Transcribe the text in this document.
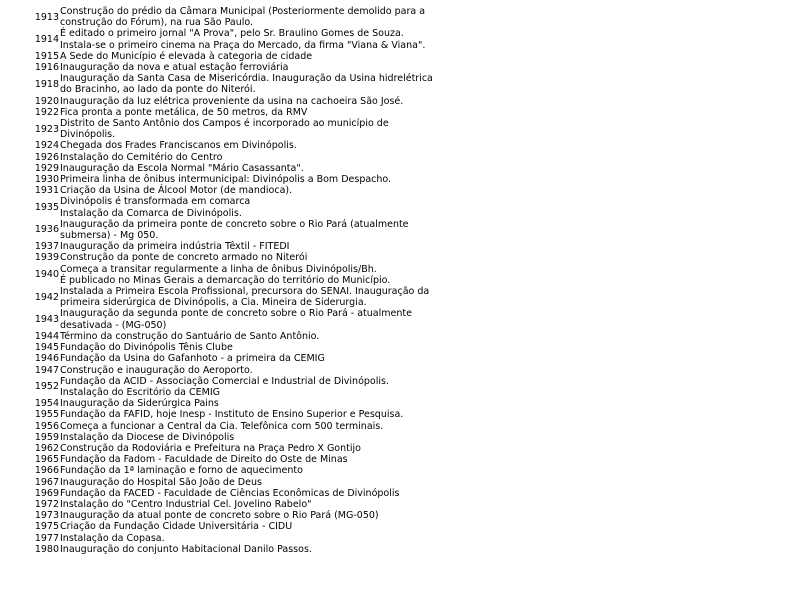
1913	Construção do prédio da Câmara Municipal (Posteriormente demolido para a
construção do Fórum), na rua São Paulo.

1914	É editado o primeiro jornal "A Prova", pelo Sr. Braulino Gomes de Souza.
Instala-se o primeiro cinema na Praça do Mercado, da firma "Viana & Viana".

1915	A Sede do Município é elevada à categoria de cidade

1916	Inauguração da nova e atual estação ferroviária

1918	Inauguração da Santa Casa de Misericórdia. Inauguração da Usina hidrelétrica
do Bracinho, ao lado da ponte do Niterói.

1920	Inauguração da luz elétrica proveniente da usina na cachoeira São José.

1922	Fica pronta a ponte metálica, de 50 metros, da RMV

1923	Distrito de Santo Antônio dos Campos é incorporado ao município de
Divinópolis.

1924	Chegada dos Frades Franciscanos em Divinópolis.

1926	Instalação do Cemitério do Centro

1929	Inauguração da Escola Normal "Mário Casassanta".

1930	Primeira linha de ônibus intermunicipal: Divinópolis a Bom Despacho.

1931	Criação da Usina de Álcool Motor (de mandioca).

1935	Divinópolis é transformada em comarca
Instalação da Comarca de Divinópolis.

1936	Inauguração da primeira ponte de concreto sobre o Rio Pará (atualmente
submersa) - Mg 050.

1937	Inauguração da primeira indústria Têxtil - FITEDI

1939	Construção da ponte de concreto armado no Niterói

1940	Começa a transitar regularmente a linha de ônibus Divinópolis/Bh.
É publicado no Minas Gerais a demarcação do território do Município.

1942	Instalada a Primeira Escola Profissional, precursora do SENAI. Inauguração da
primeira siderúrgica de Divinópolis, a Cia. Mineira de Siderurgia.

1943	Inauguração da segunda ponte de concreto sobre o Rio Pará - atualmente
desativada - (MG-050)

1944	Término da construção do Santuário de Santo Antônio.

1945	Fundação do Divinópolis Tênis Clube

1946	Fundação da Usina do Gafanhoto - a primeira da CEMIG

1947	Construção e inauguração do Aeroporto.

1952	Fundação da ACID - Associação Comercial e Industrial de Divinópolis.
Instalação do Escritório da CEMIG

1954	Inauguração da Siderúrgica Pains

1955	Fundação da FAFID, hoje Inesp - Instituto de Ensino Superior e Pesquisa.

1956	Começa a funcionar a Central da Cia. Telefônica com 500 terminais.

1959	Instalação da Diocese de Divinópolis

1962	Construção da Rodoviária e Prefeitura na Praça Pedro X Gontijo

1965	Fundação da Fadom - Faculdade de Direito do Oste de Minas

1966	Fundação da 1ª laminação e forno de aquecimento

1967	Inauguração do Hospital São João de Deus

1969	Fundação da FACED - Faculdade de Ciências Econômicas de Divinópolis

1972	Instalação do "Centro Industrial Cel. Jovelino Rabelo"

1973	Inauguração da atual ponte de concreto sobre o Rio Pará (MG-050)

1975	Criação da Fundação Cidade Universitária - CIDU

1977	Instalação da Copasa.

1980	Inauguração do conjunto Habitacional Danilo Passos.
